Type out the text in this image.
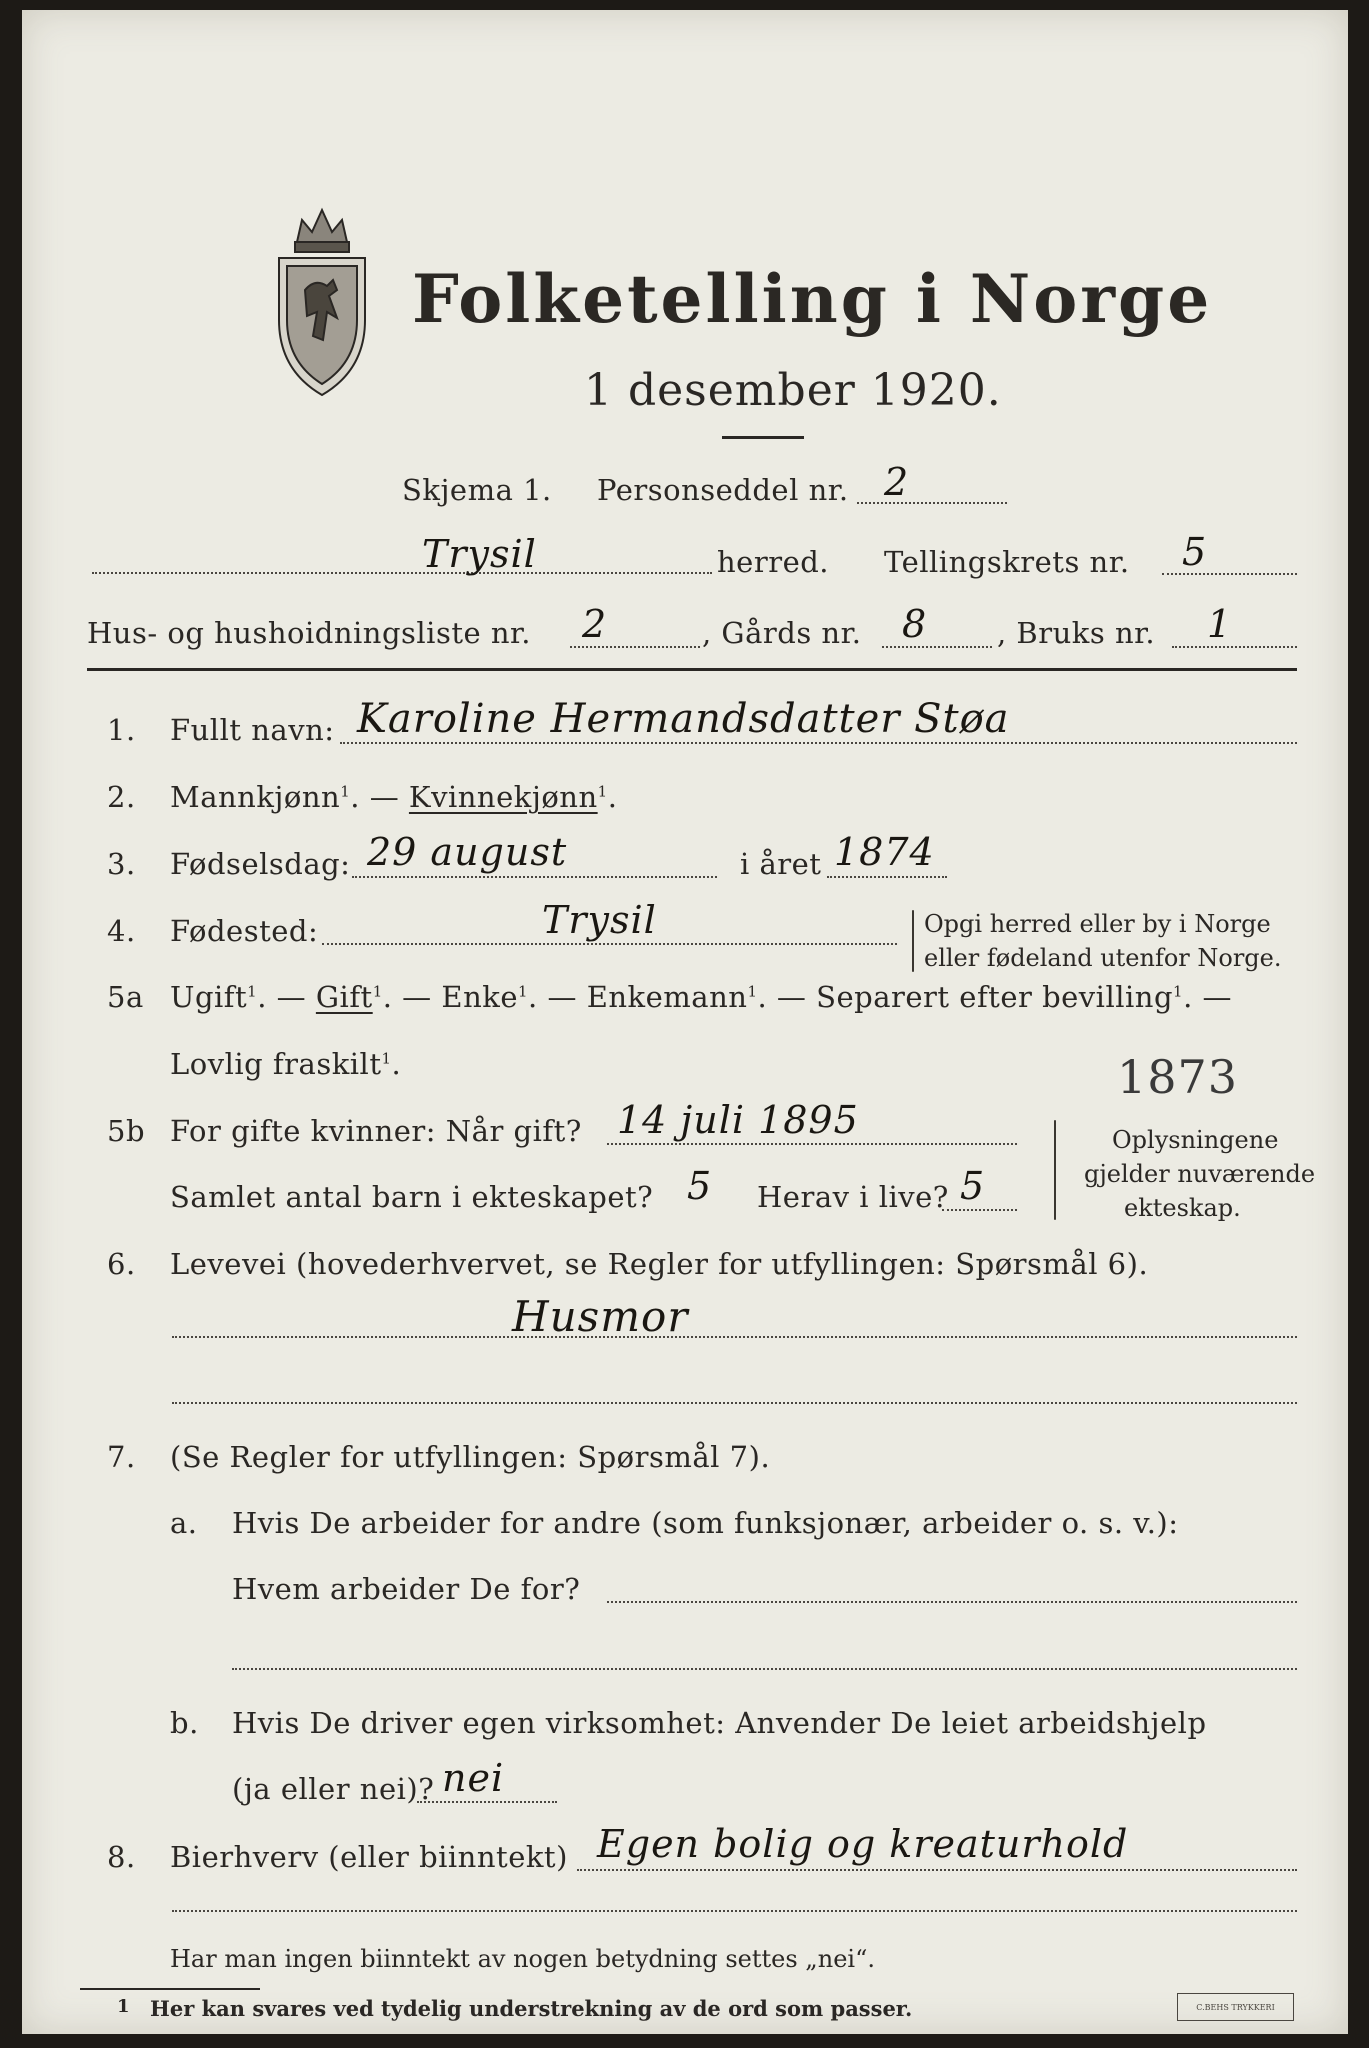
Folketelling i Norge
1 desember 1920.
Skjema 1. Personseddel nr. 2
Trysil	herred. Tellingskrets nr. 5
Hus- og hushoidningsliste nr. 2	, Gårds nr. 8 , Bruks nr. 1
1. Fullt navn: Karoline Hermandsdatter Støa
2. Mannkjønn$^1$. — Kvinnekjønn$^1$.
3. Fødselsdag: 29 august	i året 1874
4. Fødested:	Trysil	Opgi herred eller by i Norge
eller fødeland utenfor Norge.
5a Ugift$^1$. — Gift$^1$. — Enke$^1$. — Enkemann$^1$. — Separert efter bevilling$^1$. —
Lovlig fraskilt$^1$.	1873
5b For gifte kvinner: Når gift? 14 juli 1895
Samlet antal barn i ekteskapet? 5 Herav i live? 5
Oplysningene
gjelder nuværende
ekteskap.
6. Levevei (hovederhvervet, se Regler for utfyllingen: Spørsmål 6).
Husmor
7. (Se Regler for utfyllingen: Spørsmål 7).
a. Hvis De arbeider for andre (som funksjonær, arbeider o. s. v.):
Hvem arbeider De for?
b. Hvis De driver egen virksomhet: Anvender De leiet arbeidshjelp
(ja eller nei)? nei
8. Bierhverv (eller biinntekt) Egen bolig og kreaturhold
Har man ingen biinntekt av nogen betydning settes „nei“.
1 Her kan svares ved tydelig understrekning av de ord som passer.	C.BEHS TRYKKERI
